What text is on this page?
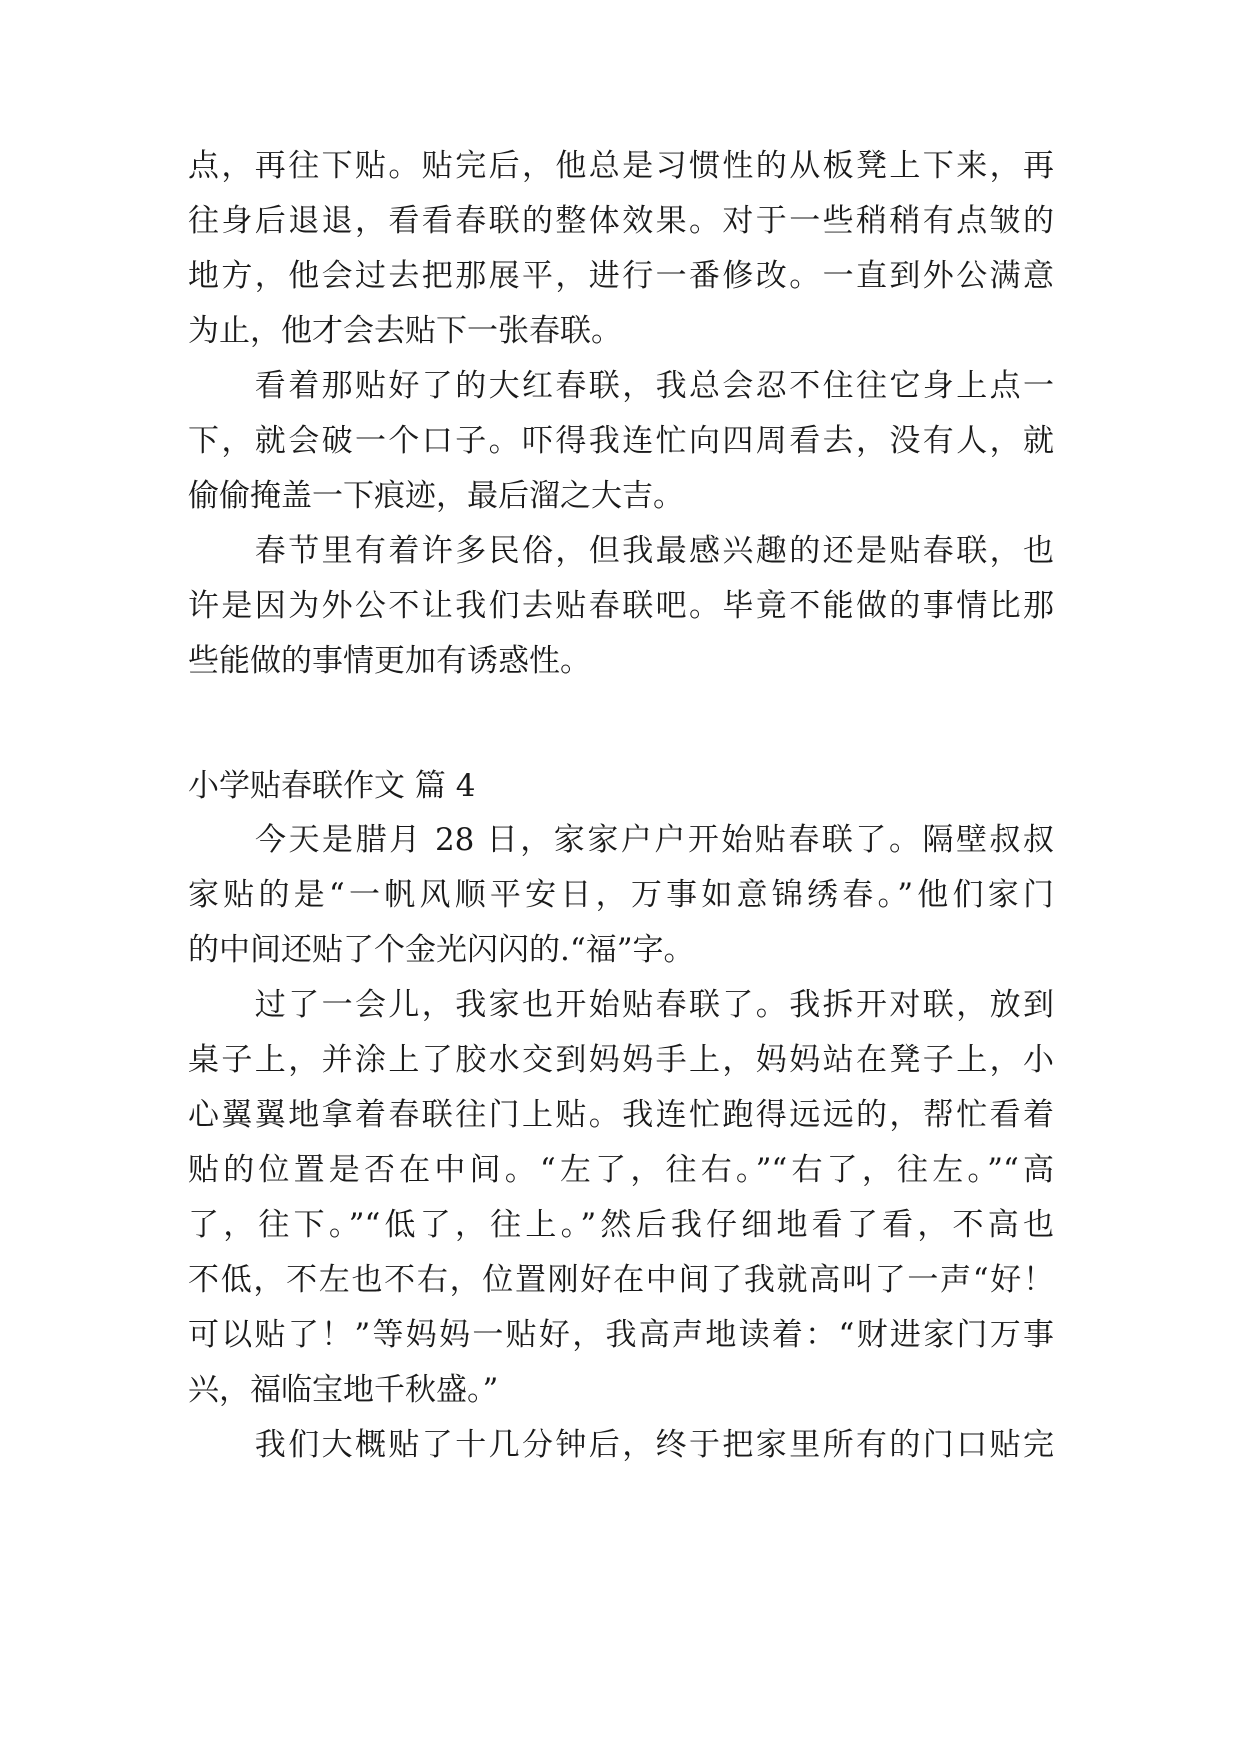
点，再往下贴。贴完后，他总是习惯性的从板凳上下来，再
往身后退退，看看春联的整体效果。对于一些稍稍有点皱的
地方，他会过去把那展平，进行一番修改。一直到外公满意
为止，他才会去贴下一张春联。
　　看着那贴好了的大红春联，我总会忍不住往它身上点一
下，就会破一个口子。吓得我连忙向四周看去，没有人，就
偷偷掩盖一下痕迹，最后溜之大吉。
　　春节里有着许多民俗，但我最感兴趣的还是贴春联，也
许是因为外公不让我们去贴春联吧。毕竟不能做的事情比那
些能做的事情更加有诱惑性。
小学贴春联作文 篇 4
　　今天是腊月 28 日，家家户户开始贴春联了。隔壁叔叔
家贴的是“一帆风顺平安日，万事如意锦绣春。”他们家门
的中间还贴了个金光闪闪的.“福”字。
　　过了一会儿，我家也开始贴春联了。我拆开对联，放到
桌子上，并涂上了胶水交到妈妈手上，妈妈站在凳子上，小
心翼翼地拿着春联往门上贴。我连忙跑得远远的，帮忙看着
贴的位置是否在中间。“左了，往右。”“右了，往左。”“高
了，往下。”“低了，往上。”然后我仔细地看了看，不高也
不低，不左也不右，位置刚好在中间了我就高叫了一声“好！
可以贴了！”等妈妈一贴好，我高声地读着：“财进家门万事
兴，福临宝地千秋盛。”
　　我们大概贴了十几分钟后，终于把家里所有的门口贴完
